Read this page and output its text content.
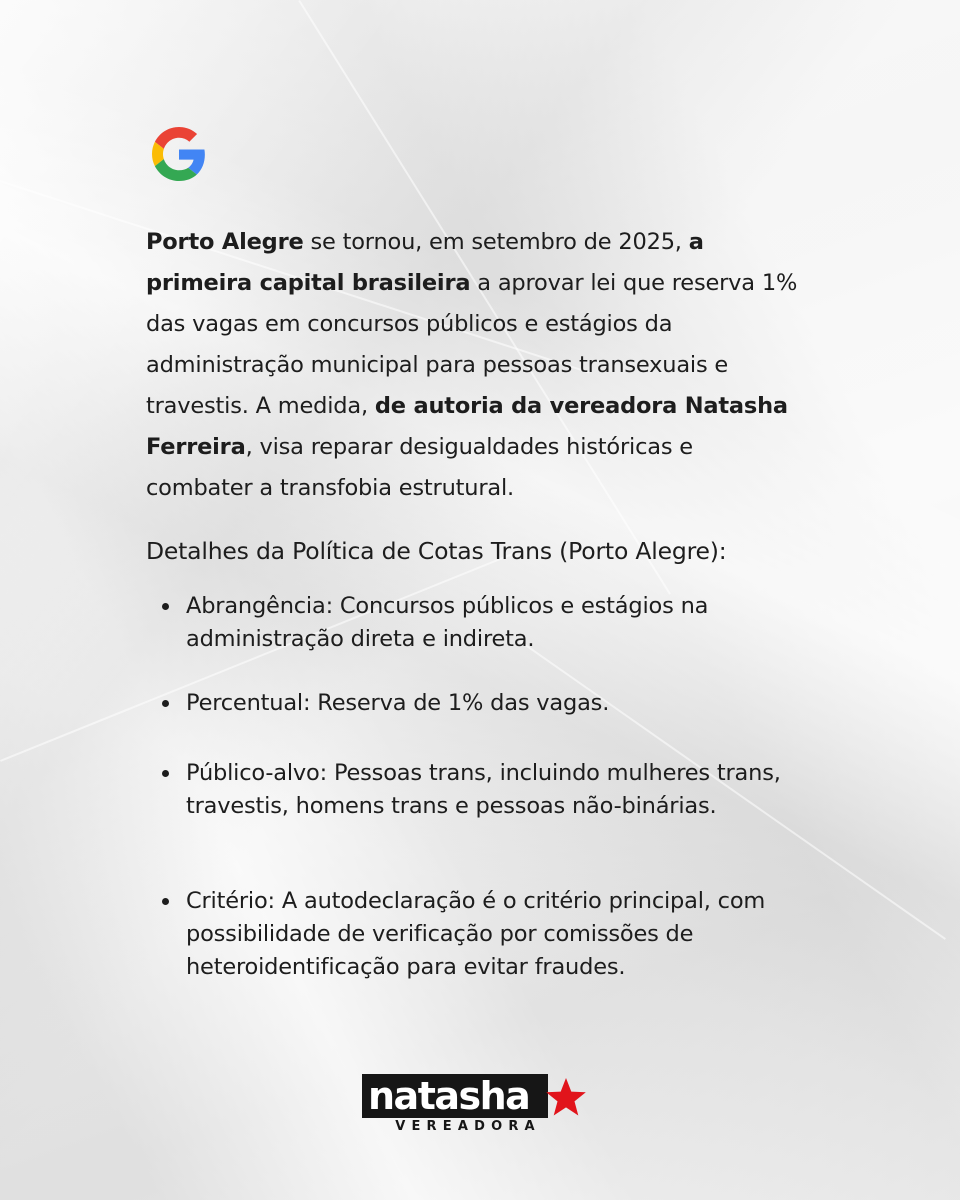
Porto Alegre se tornou, em setembro de 2025, a primeira capital brasileira a aprovar lei que reserva 1% das vagas em concursos públicos e estágios da administração municipal para pessoas transexuais e travestis. A medida, de autoria da vereadora Natasha Ferreira, visa reparar desigualdades históricas e combater a transfobia estrutural.

Detalhes da Política de Cotas Trans (Porto Alegre):
Abrangência: Concursos públicos e estágios na administração direta e indireta.
Percentual: Reserva de 1% das vagas.
Público-alvo: Pessoas trans, incluindo mulheres trans, travestis, homens trans e pessoas não-binárias.
Critério: A autodeclaração é o critério principal, com possibilidade de verificação por comissões de heteroidentificação para evitar fraudes.
natasha
VEREADORA
